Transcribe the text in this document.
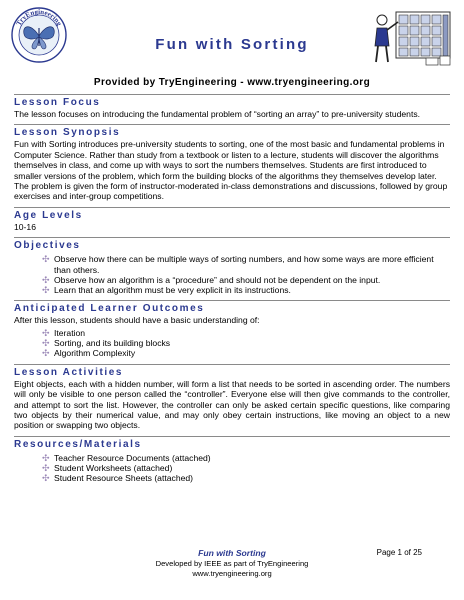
TryEngineering
Fun with Sorting
Provided by TryEngineering - www.tryengineering.org
Lesson Focus

The lesson focuses on introducing the fundamental problem of “sorting an array” to pre-university students.

Lesson Synopsis

Fun with Sorting introduces pre-university students to sorting, one of the most basic and fundamental problems in Computer Science. Rather than study from a textbook or listen to a lecture, students will discover the algorithms themselves in class, and come up with ways to sort the numbers themselves. Students are first introduced to smaller versions of the problem, which form the building blocks of the algorithms they themselves develop later. The problem is given the form of instructor-moderated in-class demonstrations and discussions, followed by group exercises and inter-group competitions.

Age Levels

10-16

Objectives
✣ Observe how there can be multiple ways of sorting numbers, and how some ways are more efficient than others.
✣ Observe how an algorithm is a “procedure” and should not be dependent on the input.
✣ Learn that an algorithm must be very explicit in its instructions.
Anticipated Learner Outcomes

After this lesson, students should have a basic understanding of:

✣ Iteration
✣ Sorting, and its building blocks
✣ Algorithm Complexity
Lesson Activities

Eight objects, each with a hidden number, will form a list that needs to be sorted in ascending order. The numbers will only be visible to one person called the “controller”. Everyone else will then give commands to the controller, and attempt to sort the list. However, the controller can only be asked certain specific questions, like comparing two objects by their numerical value, and may only obey certain instructions, like moving an object to a new position or swapping two objects.

Resources/Materials
✣ Teacher Resource Documents (attached)
✣ Student Worksheets (attached)
✣ Student Resource Sheets (attached)
Fun with Sorting	Page 1 of 25
Developed by IEEE as part of TryEngineering
www.tryengineering.org
